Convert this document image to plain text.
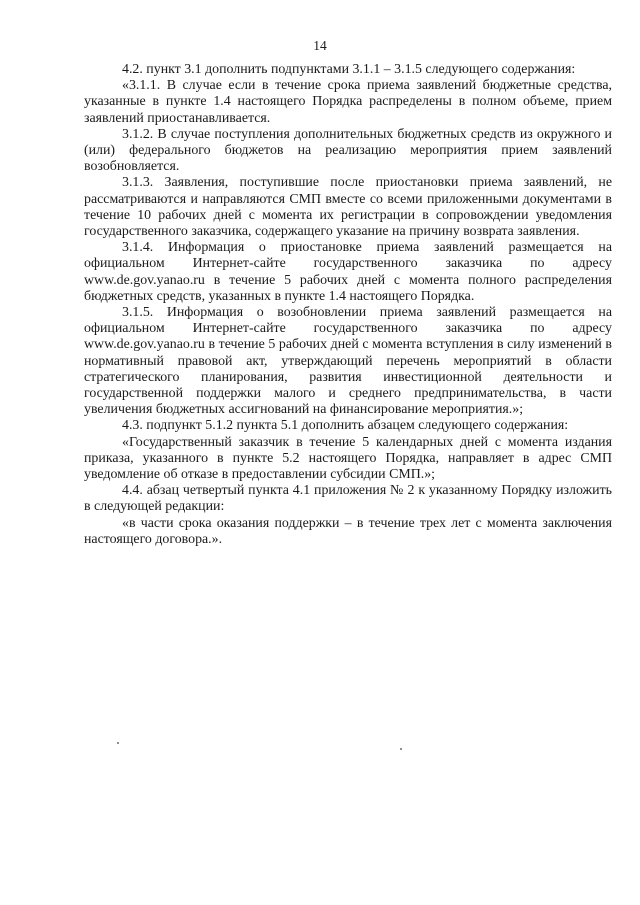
14

4.2. пункт 3.1 дополнить подпунктами 3.1.1 – 3.1.5 следующего содержания:

«3.1.1. В случае если в течение срока приема заявлений бюджетные средства, указанные в пункте 1.4 настоящего Порядка распределены в полном объеме, прием заявлений приостанавливается.

3.1.2. В случае поступления дополнительных бюджетных средств из окружного и (или) федерального бюджетов на реализацию мероприятия прием заявлений возобновляется.

3.1.3. Заявления, поступившие после приостановки приема заявлений, не рассматриваются и направляются СМП вместе со всеми приложенными документами в течение 10 рабочих дней с момента их регистрации в сопровождении уведомления государственного заказчика, содержащего указание на причину возврата заявления.

3.1.4. Информация о приостановке приема заявлений размещается на официальном Интернет-сайте государственного заказчика по адресу www.de.gov.yanao.ru в течение 5 рабочих дней с момента полного распределения бюджетных средств, указанных в пункте 1.4 настоящего Порядка.

3.1.5. Информация о возобновлении приема заявлений размещается на официальном Интернет-сайте государственного заказчика по адресу www.de.gov.yanao.ru в течение 5 рабочих дней с момента вступления в силу изменений в нормативный правовой акт, утверждающий перечень мероприятий в области стратегического планирования, развития инвестиционной деятельности и государственной поддержки малого и среднего предпринимательства, в части увеличения бюджетных ассигнований на финансирование мероприятия.»;

4.3. подпункт 5.1.2 пункта 5.1 дополнить абзацем следующего содержания:

«Государственный заказчик в течение 5 календарных дней с момента издания приказа, указанного в пункте 5.2 настоящего Порядка, направляет в адрес СМП уведомление об отказе в предоставлении субсидии СМП.»;

4.4. абзац четвертый пункта 4.1 приложения № 2 к указанному Порядку изложить в следующей редакции:

«в части срока оказания поддержки – в течение трех лет с момента заключения настоящего договора.».
